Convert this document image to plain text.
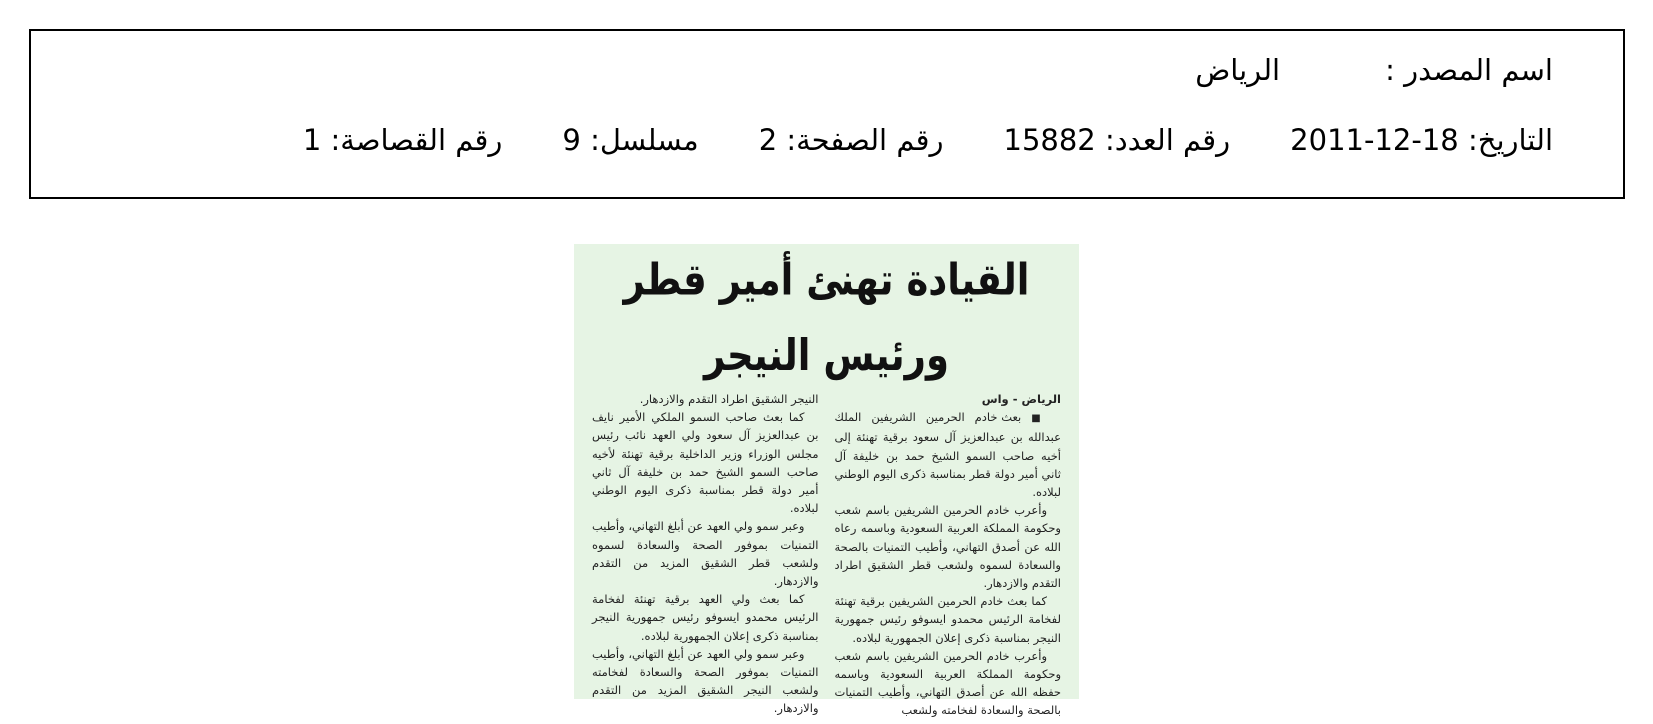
اسم المصدر :
الرياض
التاريخ: 18-12-2011
رقم العدد: 15882
رقم الصفحة: 2
مسلسل: 9
رقم القصاصة: 1
القيادة تهنئ أمير قطر ورئيس النيجر
الرياض - واس

■ بعث خادم الحرمين الشريفين الملك عبدالله بن عبدالعزيز آل سعود برقية تهنئة إلى أخيه صاحب السمو الشيخ حمد بن خليفة آل ثاني أمير دولة قطر بمناسبة ذكرى اليوم الوطني لبلاده.

وأعرب خادم الحرمين الشريفين باسم شعب وحكومة المملكة العربية السعودية وباسمه رعاه الله عن أصدق التهاني، وأطيب التمنيات بالصحة والسعادة لسموه ولشعب قطر الشقيق اطراد التقدم والازدهار.

كما بعث خادم الحرمين الشريفين برقية تهنئة لفخامة الرئيس محمدو ايسوفو رئيس جمهورية النيجر بمناسبة ذكرى إعلان الجمهورية لبلاده.

وأعرب خادم الحرمين الشريفين باسم شعب وحكومة المملكة العربية السعودية وباسمه حفظه الله عن أصدق التهاني، وأطيب التمنيات بالصحة والسعادة لفخامته ولشعب

النيجر الشقيق اطراد التقدم والازدهار.

كما بعث صاحب السمو الملكي الأمير نايف بن عبدالعزيز آل سعود ولي العهد نائب رئيس مجلس الوزراء وزير الداخلية برقية تهنئة لأخيه صاحب السمو الشيخ حمد بن خليفة آل ثاني أمير دولة قطر بمناسبة ذكرى اليوم الوطني لبلاده.

وعبر سمو ولي العهد عن أبلغ التهاني، وأطيب التمنيات بموفور الصحة والسعادة لسموه ولشعب قطر الشقيق المزيد من التقدم والازدهار.

كما بعث ولي العهد برقية تهنئة لفخامة الرئيس محمدو ايسوفو رئيس جمهورية النيجر بمناسبة ذكرى إعلان الجمهورية لبلاده.

وعبر سمو ولي العهد عن أبلغ التهاني، وأطيب التمنيات بموفور الصحة والسعادة لفخامته ولشعب النيجر الشقيق المزيد من التقدم والازدهار.
